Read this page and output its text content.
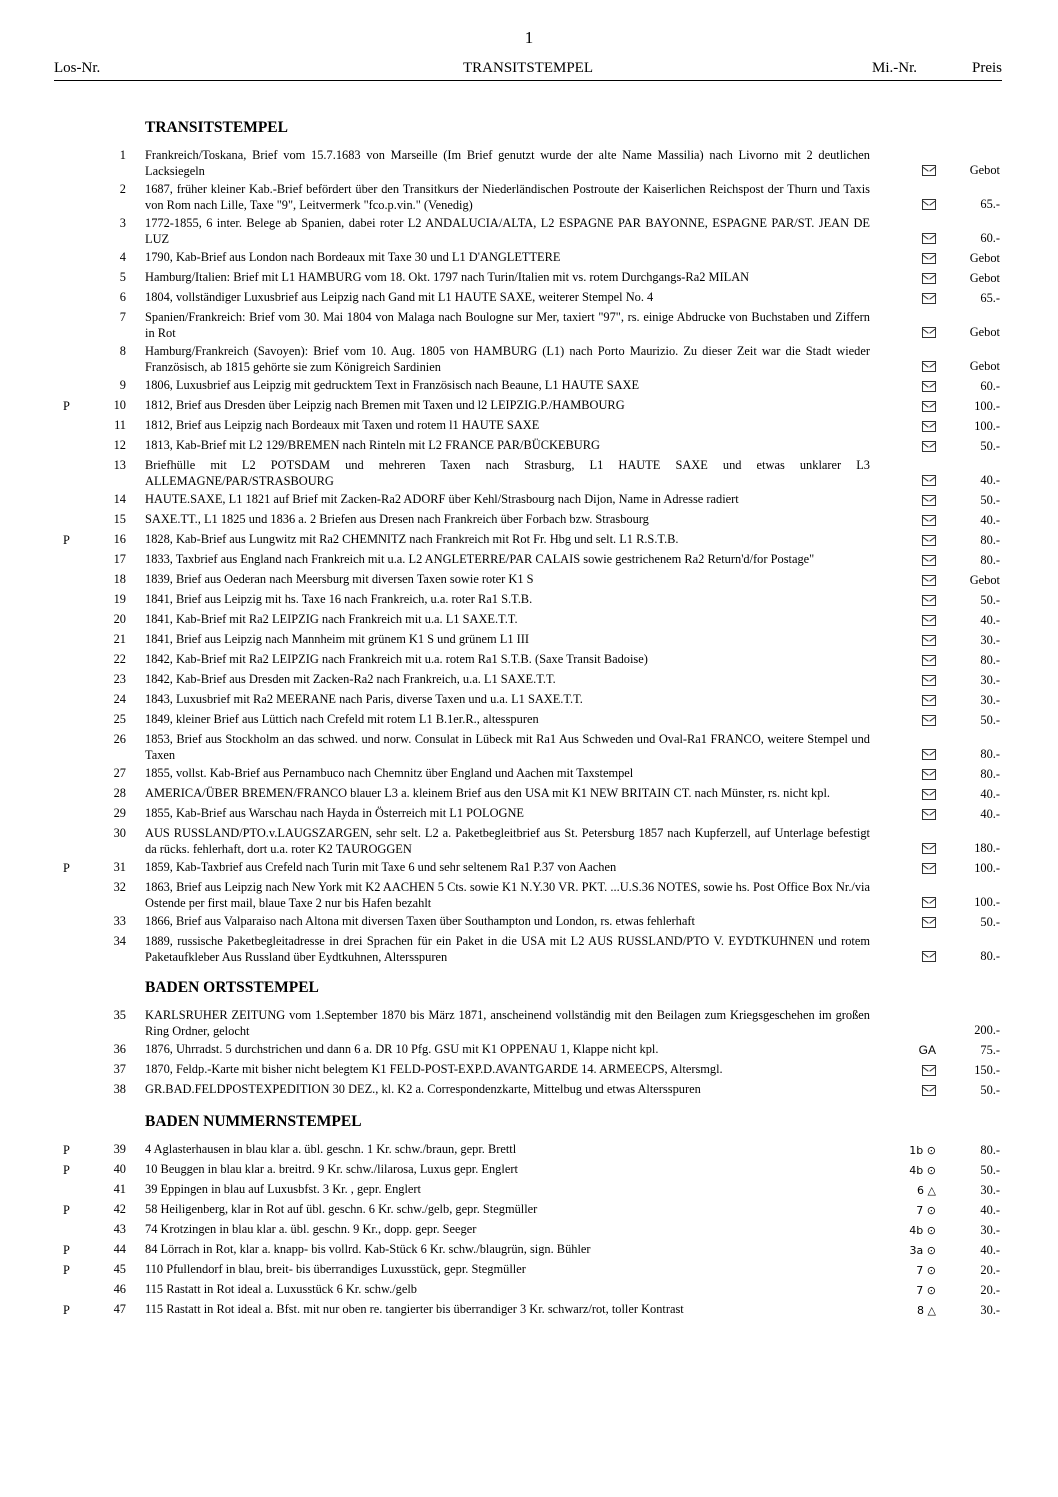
1
Los-Nr.	TRANSITSTEMPEL	Mi.-Nr.	Preis
TRANSITSTEMPEL
1 Frankreich/Toskana, Brief vom 15.7.1683 von Marseille (Im Brief genutzt wurde der alte Name Massilia) nach Livorno mit 2 deutlichen Lacksiegeln	Gebot
2 1687, früher kleiner Kab.-Brief befördert über den Transitkurs der Niederländischen Postroute der Kaiserlichen Reichspost der Thurn und Taxis von Rom nach Lille, Taxe "9", Leitvermerk "fco.p.vin." (Venedig)	65.-
3 1772-1855, 6 inter. Belege ab Spanien, dabei roter L2 ANDALUCIA/ALTA, L2 ESPAGNE PAR BAYONNE, ESPAGNE PAR/ST. JEAN DE LUZ	60.-
4 1790, Kab-Brief aus London nach Bordeaux mit Taxe 30 und L1 D'ANGLETTERE	Gebot
5 Hamburg/Italien: Brief mit L1 HAMBURG vom 18. Okt. 1797 nach Turin/Italien mit vs. rotem Durchgangs-Ra2 MILAN	Gebot
6 1804, vollständiger Luxusbrief aus Leipzig nach Gand mit L1 HAUTE SAXE, weiterer Stempel No. 4	65.-
7 Spanien/Frankreich: Brief vom 30. Mai 1804 von Malaga nach Boulogne sur Mer, taxiert "97", rs. einige Abdrucke von Buchstaben und Ziffern in Rot	Gebot
8 Hamburg/Frankreich (Savoyen): Brief vom 10. Aug. 1805 von HAMBURG (L1) nach Porto Maurizio. Zu dieser Zeit war die Stadt wieder Französisch, ab 1815 gehörte sie zum Königreich Sardinien	Gebot
9 1806, Luxusbrief aus Leipzig mit gedrucktem Text in Französisch nach Beaune, L1 HAUTE SAXE	60.-
P	10 1812, Brief aus Dresden über Leipzig nach Bremen mit Taxen und l2 LEIPZIG.P./HAMBOURG	100.-
11 1812, Brief aus Leipzig nach Bordeaux mit Taxen und rotem l1 HAUTE SAXE	100.-
12 1813, Kab-Brief mit L2 129/BREMEN nach Rinteln mit L2 FRANCE PAR/BÜCKEBURG	50.-
13 Briefhülle mit L2 POTSDAM und mehreren Taxen nach Strasburg, L1 HAUTE SAXE und etwas unklarer L3 ALLEMAGNE/PAR/STRASBOURG	40.-
14 HAUTE.SAXE, L1 1821 auf Brief mit Zacken-Ra2 ADORF über Kehl/Strasbourg nach Dijon, Name in Adresse radiert	50.-
15 SAXE.TT., L1 1825 und 1836 a. 2 Briefen aus Dresen nach Frankreich über Forbach bzw. Strasbourg	40.-
P	16 1828, Kab-Brief aus Lungwitz mit Ra2 CHEMNITZ nach Frankreich mit Rot Fr. Hbg und selt. L1 R.S.T.B.	80.-
17 1833, Taxbrief aus England nach Frankreich mit u.a. L2 ANGLETERRE/PAR CALAIS sowie gestrichenem Ra2 Return'd/for Postage"	80.-
18 1839, Brief aus Oederan nach Meersburg mit diversen Taxen sowie roter K1 S	Gebot
19 1841, Brief aus Leipzig mit hs. Taxe 16 nach Frankreich, u.a. roter Ra1 S.T.B.	50.-
20 1841, Kab-Brief mit Ra2 LEIPZIG nach Frankreich mit u.a. L1 SAXE.T.T.	40.-
21 1841, Brief aus Leipzig nach Mannheim mit grünem K1 S und grünem L1 III	30.-
22 1842, Kab-Brief mit Ra2 LEIPZIG nach Frankreich mit u.a. rotem Ra1 S.T.B. (Saxe Transit Badoise)	80.-
23 1842, Kab-Brief aus Dresden mit Zacken-Ra2 nach Frankreich, u.a. L1 SAXE.T.T.	30.-
24 1843, Luxusbrief mit Ra2 MEERANE nach Paris, diverse Taxen und u.a. L1 SAXE.T.T.	30.-
25 1849, kleiner Brief aus Lüttich nach Crefeld mit rotem L1 B.1er.R., altesspuren	50.-
26 1853, Brief aus Stockholm an das schwed. und norw. Consulat in Lübeck mit Ra1 Aus Schweden und Oval-Ra1 FRANCO, weitere Stempel und Taxen	80.-
27 1855, vollst. Kab-Brief aus Pernambuco nach Chemnitz über England und Aachen mit Taxstempel	80.-
28 AMERICA/ÜBER BREMEN/FRANCO blauer L3 a. kleinem Brief aus den USA mit K1 NEW BRITAIN CT. nach Münster, rs. nicht kpl.	40.-
29 1855, Kab-Brief aus Warschau nach Hayda in Österreich mit L1 POLOGNE	40.-
30 AUS RUSSLAND/PTO.v.LAUGSZARGEN, sehr selt. L2 a. Paketbegleitbrief aus St. Petersburg 1857 nach Kupferzell, auf Unterlage befestigt da rücks. fehlerhaft, dort u.a. roter K2 TAUROGGEN	180.-
P	31 1859, Kab-Taxbrief aus Crefeld nach Turin mit Taxe 6 und sehr seltenem Ra1 P.37 von Aachen	100.-
32 1863, Brief aus Leipzig nach New York mit K2 AACHEN 5 Cts. sowie K1 N.Y.30 VR. PKT. ...U.S.36 NOTES, sowie hs. Post Office Box Nr./via Ostende per first mail, blaue Taxe 2 nur bis Hafen bezahlt	100.-
33 1866, Brief aus Valparaiso nach Altona mit diversen Taxen über Southampton und London, rs. etwas fehlerhaft	50.-
34 1889, russische Paketbegleitadresse in drei Sprachen für ein Paket in die USA mit L2 AUS RUSSLAND/PTO V. EYDTKUHNEN und rotem Paketaufkleber Aus Russland über Eydtkuhnen, Altersspuren	80.-
BADEN ORTSSTEMPEL
35 KARLSRUHER ZEITUNG vom 1.September 1870 bis März 1871, anscheinend vollständig mit den Beilagen zum Kriegsgeschehen im großen Ring Ordner, gelocht	200.-
36 1876, Uhrradst. 5 durchstrichen und dann 6 a. DR 10 Pfg. GSU mit K1 OPPENAU 1, Klappe nicht kpl.	GA	75.-
37 1870, Feldp.-Karte mit bisher nicht belegtem K1 FELD-POST-EXP.D.AVANTGARDE 14. ARMEECPS, Altersmgl.	150.-
38 GR.BAD.FELDPOSTEXPEDITION 30 DEZ., kl. K2 a. Correspondenzkarte, Mittelbug und etwas Altersspuren	50.-
BADEN NUMMERNSTEMPEL
P	39 4 Aglasterhausen in blau klar a. übl. geschn. 1 Kr. schw./braun, gepr. Brettl	1b ⊙	80.-
P	40 10 Beuggen in blau klar a. breitrd. 9 Kr. schw./lilarosa, Luxus gepr. Englert	4b ⊙	50.-
41 39 Eppingen in blau auf Luxusbfst. 3 Kr. , gepr. Englert	6 △	30.-
P	42 58 Heiligenberg, klar in Rot auf übl. geschn. 6 Kr. schw./gelb, gepr. Stegmüller	7 ⊙	40.-
43 74 Krotzingen in blau klar a. übl. geschn. 9 Kr., dopp. gepr. Seeger	4b ⊙	30.-
P	44 84 Lörrach in Rot, klar a. knapp- bis vollrd. Kab-Stück 6 Kr. schw./blaugrün, sign. Bühler	3a ⊙	40.-
P	45 110 Pfullendorf in blau, breit- bis überrandiges Luxusstück, gepr. Stegmüller	7 ⊙	20.-
46 115 Rastatt in Rot ideal a. Luxusstück 6 Kr. schw./gelb	7 ⊙	20.-
P	47 115 Rastatt in Rot ideal a. Bfst. mit nur oben re. tangierter bis überrandiger 3 Kr. schwarz/rot, toller Kontrast	8 △	30.-
